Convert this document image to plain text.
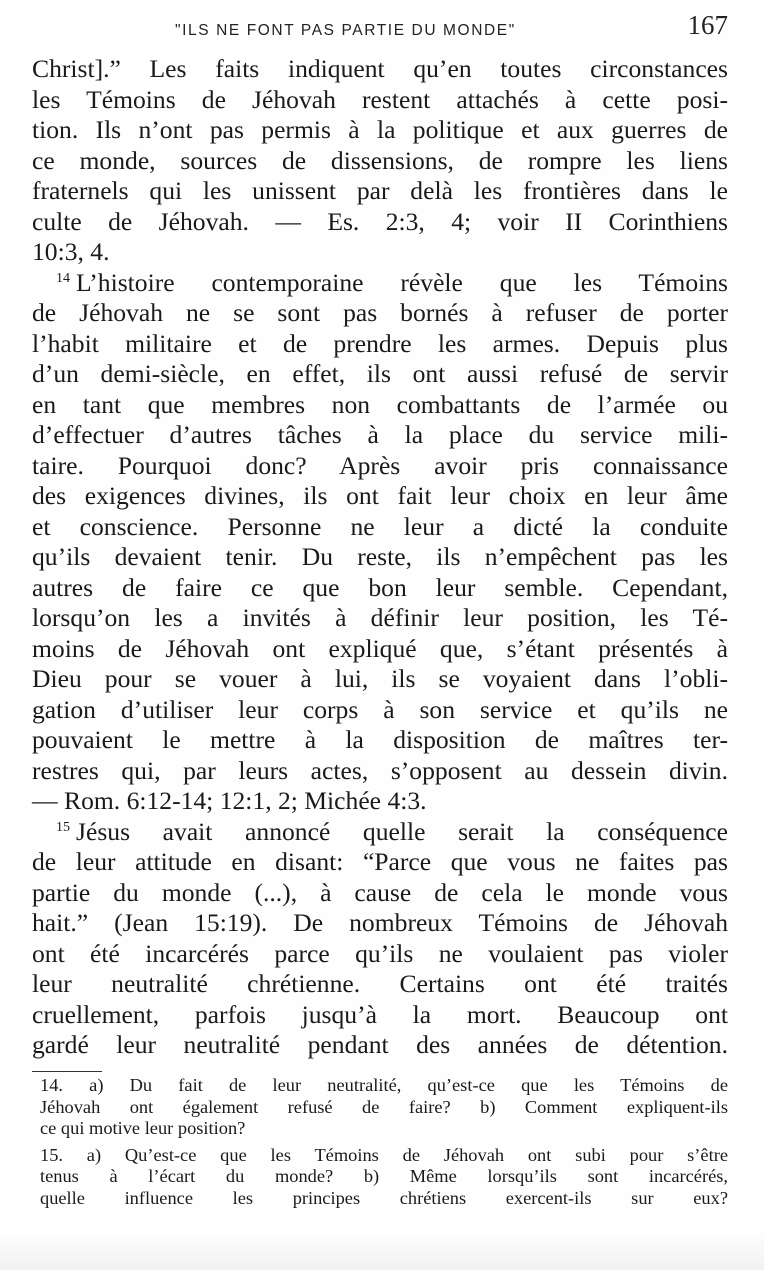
"ILS NE FONT PAS PARTIE DU MONDE"	167
Christ].” Les faits indiquent qu’en toutes circonstances
les Témoins de Jéhovah restent attachés à cette posi-
tion. Ils n’ont pas permis à la politique et aux guerres de
ce monde, sources de dissensions, de rompre les liens
fraternels qui les unissent par delà les frontières dans le
culte de Jéhovah. — Es. 2:3, 4; voir II Corinthiens
10:3, 4.
$^{14}$ L’histoire contemporaine révèle que les Témoins
de Jéhovah ne se sont pas bornés à refuser de porter
l’habit militaire et de prendre les armes. Depuis plus
d’un demi-siècle, en effet, ils ont aussi refusé de servir
en tant que membres non combattants de l’armée ou
d’effectuer d’autres tâches à la place du service mili-
taire. Pourquoi donc? Après avoir pris connaissance
des exigences divines, ils ont fait leur choix en leur âme
et conscience. Personne ne leur a dicté la conduite
qu’ils devaient tenir. Du reste, ils n’empêchent pas les
autres de faire ce que bon leur semble. Cependant,
lorsqu’on les a invités à définir leur position, les Té-
moins de Jéhovah ont expliqué que, s’étant présentés à
Dieu pour se vouer à lui, ils se voyaient dans l’obli-
gation d’utiliser leur corps à son service et qu’ils ne
pouvaient le mettre à la disposition de maîtres ter-
restres qui, par leurs actes, s’opposent au dessein divin.
— Rom. 6:12-14; 12:1, 2; Michée 4:3.
$^{15}$ Jésus avait annoncé quelle serait la conséquence
de leur attitude en disant: “Parce que vous ne faites pas
partie du monde (...), à cause de cela le monde vous
hait.” (Jean 15:19). De nombreux Témoins de Jéhovah
ont été incarcérés parce qu’ils ne voulaient pas violer
leur neutralité chrétienne. Certains ont été traités
cruellement, parfois jusqu’à la mort. Beaucoup ont
gardé leur neutralité pendant des années de détention.
14. a) Du fait de leur neutralité, qu’est-ce que les Témoins de
Jéhovah ont également refusé de faire? b) Comment expliquent-ils
ce qui motive leur position?
15. a) Qu’est-ce que les Témoins de Jéhovah ont subi pour s’être
tenus à l’écart du monde? b) Même lorsqu’ils sont incarcérés,
quelle influence les principes chrétiens exercent-ils sur eux?
